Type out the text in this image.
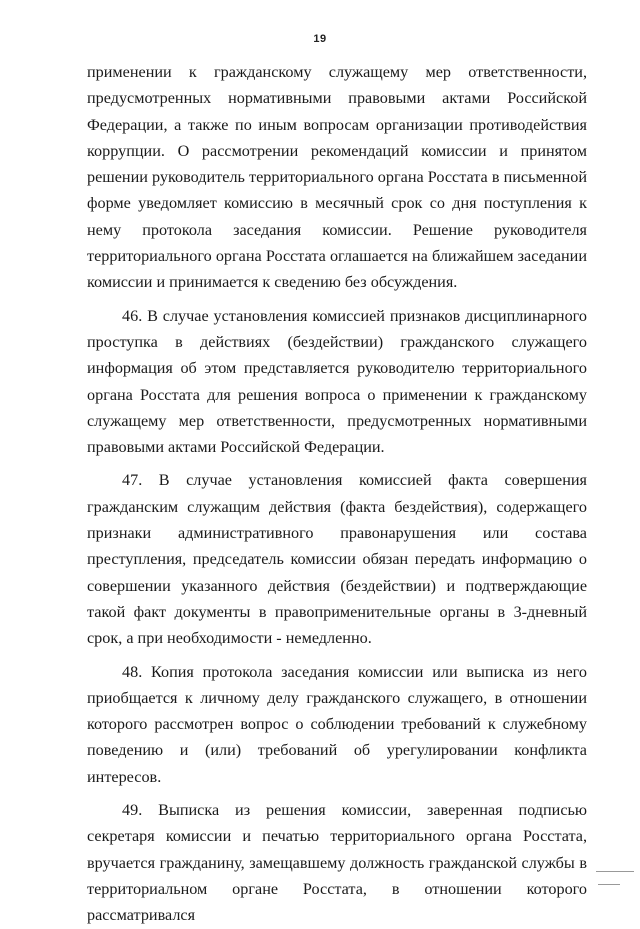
19

применении к гражданскому служащему мер ответственности, предусмотренных нормативными правовыми актами Российской Федерации, а также по иным вопросам организации противодействия коррупции. О рассмотрении рекомендаций комиссии и принятом решении руководитель территориального органа Росстата в письменной форме уведомляет комиссию в месячный срок со дня поступления к нему протокола заседания комиссии. Решение руководителя территориального органа Росстата оглашается на ближайшем заседании комиссии и принимается к сведению без обсуждения.

46. В случае установления комиссией признаков дисциплинарного проступка в действиях (бездействии) гражданского служащего информация об этом представляется руководителю территориального органа Росстата для решения вопроса о применении к гражданскому служащему мер ответственности, предусмотренных нормативными правовыми актами Российской Федерации.

47. В случае установления комиссией факта совершения гражданским служащим действия (факта бездействия), содержащего признаки административного правонарушения или состава преступления, председатель комиссии обязан передать информацию о совершении указанного действия (бездействии) и подтверждающие такой факт документы в правоприменительные органы в 3-дневный срок, а при необходимости - немедленно.

48. Копия протокола заседания комиссии или выписка из него приобщается к личному делу гражданского служащего, в отношении которого рассмотрен вопрос о соблюдении требований к служебному поведению и (или) требований об урегулировании конфликта интересов.

49. Выписка из решения комиссии, заверенная подписью секретаря комиссии и печатью территориального органа Росстата, вручается гражданину, замещавшему должность гражданской службы в территориальном органе Росстата, в отношении которого рассматривался
